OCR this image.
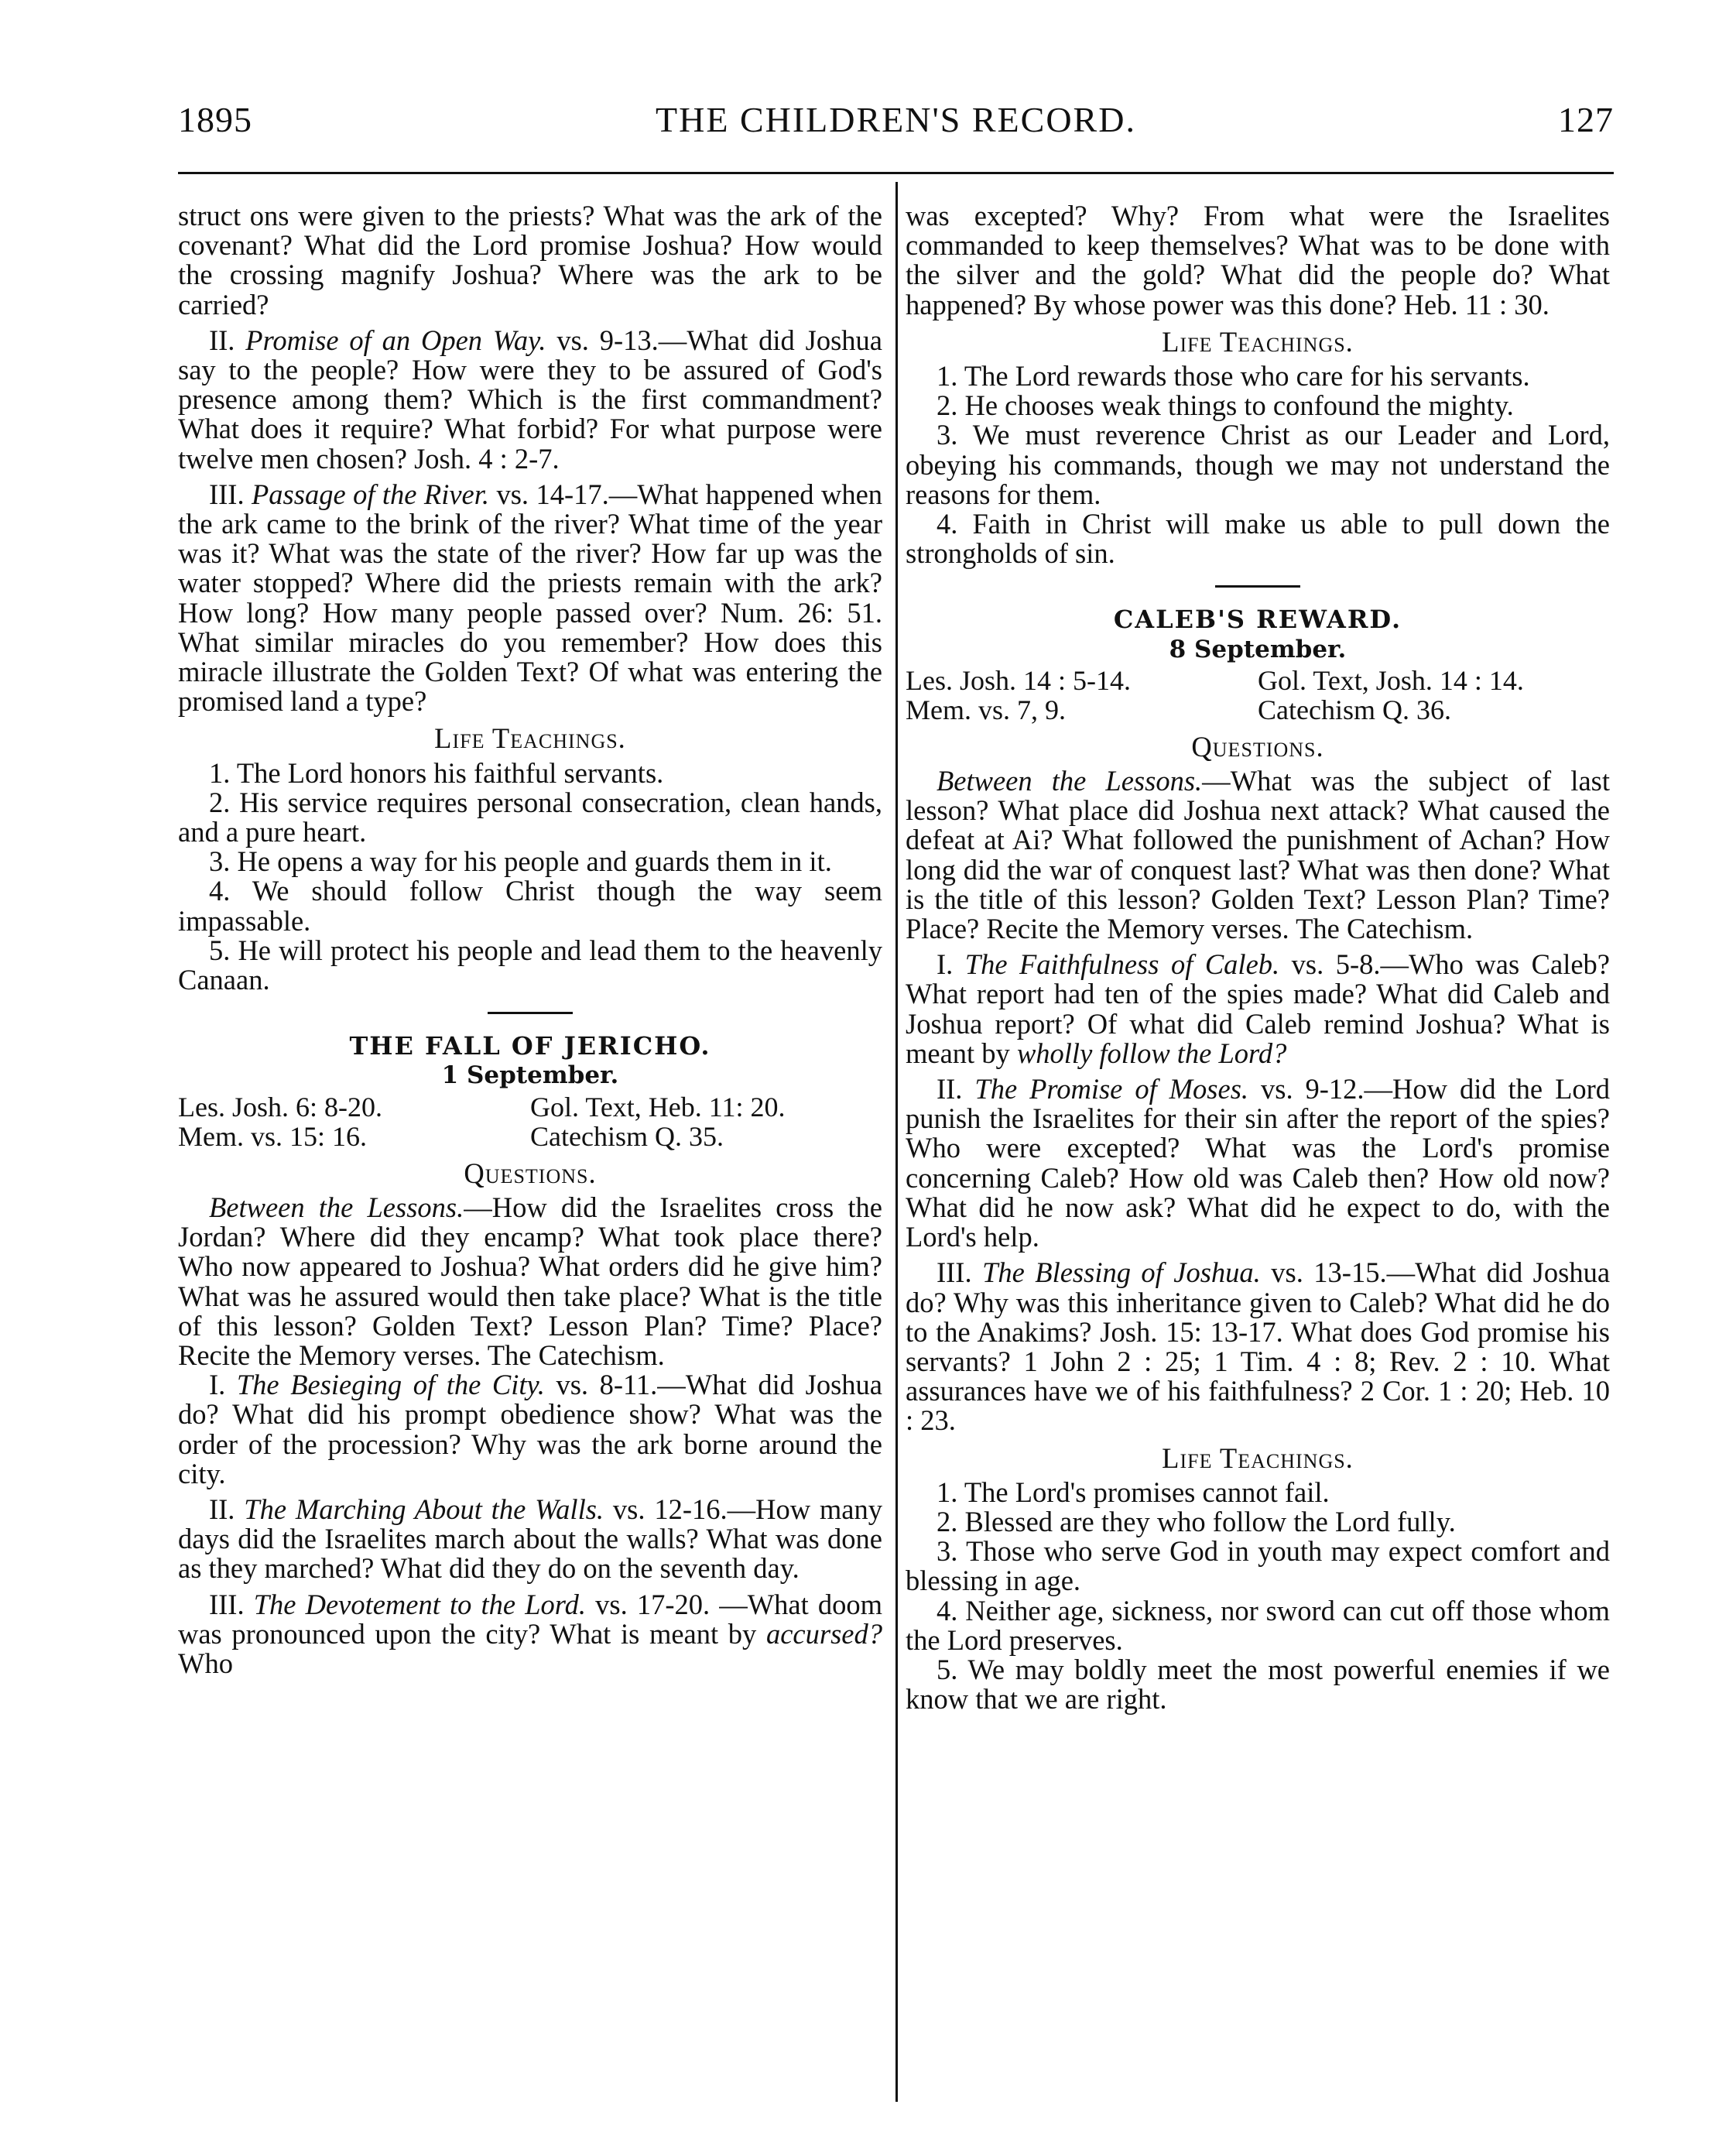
THE CHILDREN'S RECORD.
1895	127

struct ons were given to the priests? What was the ark of the covenant? What did the Lord promise Joshua? How would the crossing magnify Joshua? Where was the ark to be carried?

II. Promise of an Open Way. vs. 9-13.—What did Joshua say to the people? How were they to be assured of God's presence among them? Which is the first commandment? What does it require? What forbid? For what purpose were twelve men chosen? Josh. 4 : 2-7.

III. Passage of the River. vs. 14-17.—What happened when the ark came to the brink of the river? What time of the year was it? What was the state of the river? How far up was the water stopped? Where did the priests remain with the ark? How long? How many people passed over? Num. 26: 51. What similar miracles do you remember? How does this miracle illustrate the Golden Text? Of what was entering the promised land a type?

Life Teachings.

1. The Lord honors his faithful servants.

2. His service requires personal consecration, clean hands, and a pure heart.

3. He opens a way for his people and guards them in it.

4. We should follow Christ though the way seem impassable.

5. He will protect his people and lead them to the heavenly Canaan.

THE FALL OF JERICHO.

1 September.

Les. Josh. 6: 8-20.	Gol. Text, Heb. 11: 20.
Mem. vs. 15: 16.	Catechism Q. 35.

Questions.

Between the Lessons.—How did the Israelites cross the Jordan? Where did they encamp? What took place there? Who now appeared to Joshua? What orders did he give him? What was he assured would then take place? What is the title of this lesson? Golden Text? Lesson Plan? Time? Place? Recite the Memory verses. The Catechism.

I. The Besieging of the City. vs. 8-11.—What did Joshua do? What did his prompt obedience show? What was the order of the procession? Why was the ark borne around the city.

II. The Marching About the Walls. vs. 12-16.—How many days did the Israelites march about the walls? What was done as they marched? What did they do on the seventh day.

III. The Devotement to the Lord. vs. 17-20. —What doom was pronounced upon the city? What is meant by accursed? Who

was excepted? Why? From what were the Israelites commanded to keep themselves? What was to be done with the silver and the gold? What did the people do? What happened? By whose power was this done? Heb. 11 : 30.

Life Teachings.

1. The Lord rewards those who care for his servants.

2. He chooses weak things to confound the mighty.

3. We must reverence Christ as our Leader and Lord, obeying his commands, though we may not understand the reasons for them.

4. Faith in Christ will make us able to pull down the strongholds of sin.

CALEB'S REWARD.

8 September.

Les. Josh. 14 : 5-14.	Gol. Text, Josh. 14 : 14.
Mem. vs. 7, 9.	Catechism Q. 36.

Questions.

Between the Lessons.—What was the subject of last lesson? What place did Joshua next attack? What caused the defeat at Ai? What followed the punishment of Achan? How long did the war of conquest last? What was then done? What is the title of this lesson? Golden Text? Lesson Plan? Time? Place? Recite the Memory verses. The Catechism.

I. The Faithfulness of Caleb. vs. 5-8.—Who was Caleb? What report had ten of the spies made? What did Caleb and Joshua report? Of what did Caleb remind Joshua? What is meant by wholly follow the Lord?

II. The Promise of Moses. vs. 9-12.—How did the Lord punish the Israelites for their sin after the report of the spies? Who were excepted? What was the Lord's promise concerning Caleb? How old was Caleb then? How old now? What did he now ask? What did he expect to do, with the Lord's help.

III. The Blessing of Joshua. vs. 13-15.—What did Joshua do? Why was this inheritance given to Caleb? What did he do to the Anakims? Josh. 15: 13-17. What does God promise his servants? 1 John 2 : 25; 1 Tim. 4 : 8; Rev. 2 : 10. What assurances have we of his faithfulness? 2 Cor. 1 : 20; Heb. 10 : 23.

Life Teachings.

1. The Lord's promises cannot fail.

2. Blessed are they who follow the Lord fully.

3. Those who serve God in youth may expect comfort and blessing in age.

4. Neither age, sickness, nor sword can cut off those whom the Lord preserves.

5. We may boldly meet the most powerful enemies if we know that we are right.
